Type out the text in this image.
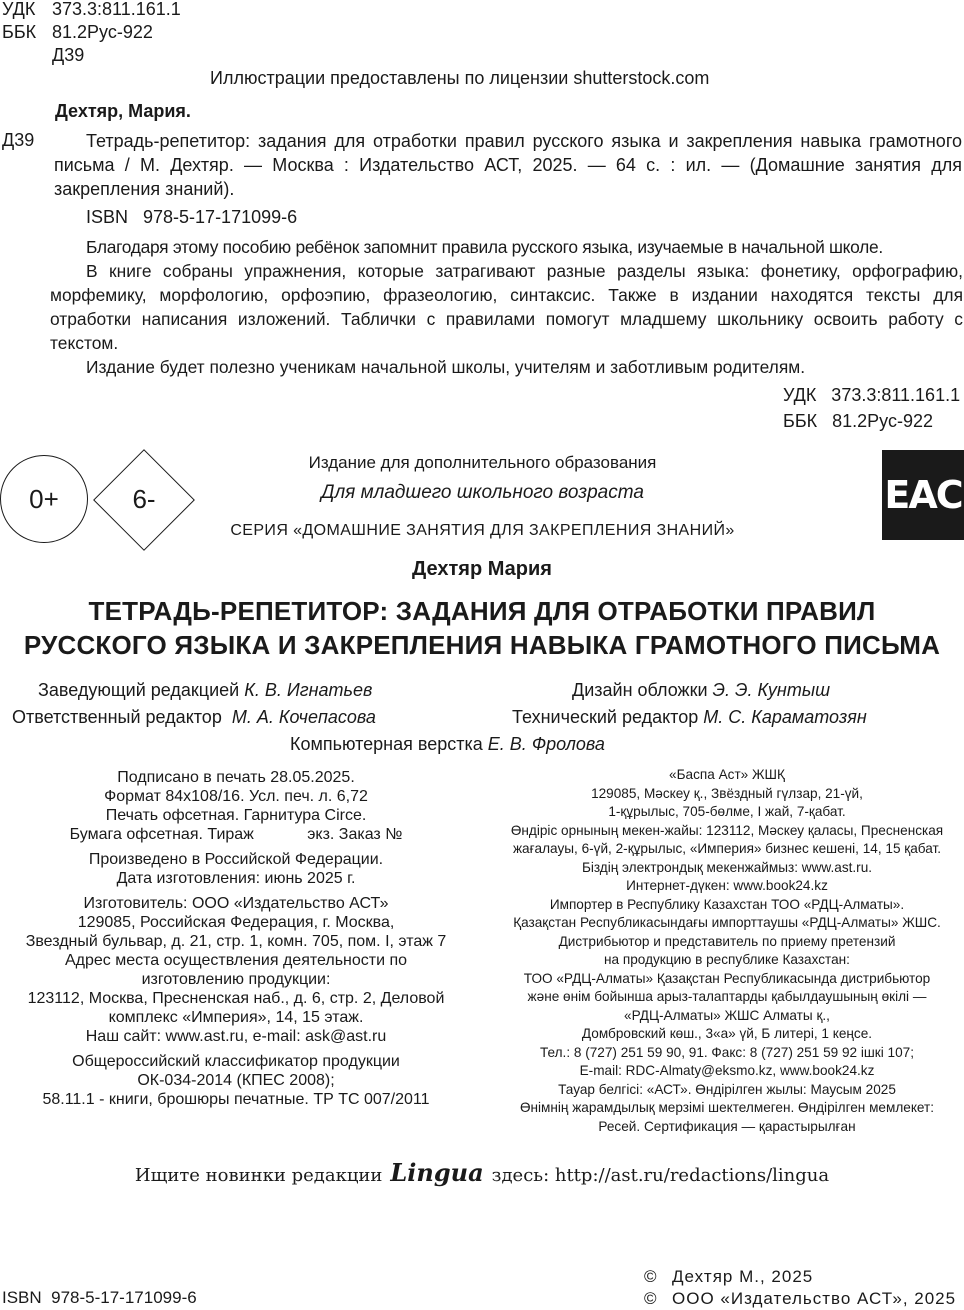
УДК 373.3:811.161.1
ББК 81.2Рус-922
Д39
Иллюстрации предоставлены по лицензии shutterstock.com
Дехтяр, Мария.
Д39	Тетрадь-репетитор: задания для отработки правил русского языка и закрепления навыка грамотного письма / М. Дехтяр. — Москва : Издательство АСТ, 2025. — 64 с. : ил. — (Домашние занятия для закрепления знаний).
ISBN   978-5-17-171099-6
Благодаря этому пособию ребёнок запомнит правила русского языка, изучаемые в начальной школе.
В книге собраны упражнения, которые затрагивают разные разделы языка: фонетику, орфографию, морфемику, морфологию, орфоэпию, фразеологию, синтаксис. Также в издании находятся тексты для отработки написания изложений. Таблички с правилами помогут младшему школьнику освоить работу с текстом.
Издание будет полезно ученикам начальной школы, учителям и заботливым родителям.
УДК   373.3:811.161.1
ББК   81.2Рус-922
0+	6-
Издание для дополнительного образования
Для младшего школьного возраста
СЕРИЯ «ДОМАШНИЕ ЗАНЯТИЯ ДЛЯ ЗАКРЕПЛЕНИЯ ЗНАНИЙ»
EAC
Дехтяр Мария
ТЕТРАДЬ-РЕПЕТИТОР: ЗАДАНИЯ ДЛЯ ОТРАБОТКИ ПРАВИЛ
РУССКОГО ЯЗЫКА И ЗАКРЕПЛЕНИЯ НАВЫКА ГРАМОТНОГО ПИСЬМА
Заведующий редакцией К. В. Игнатьев	Дизайн обложки Э. Э. Кунтыш
Ответственный редактор М. А. Кочепасова	Технический редактор М. С. Караматозян
Компьютерная верстка Е. В. Фролова
Подписано в печать 28.05.2025.
Формат 84х108/16. Усл. печ. л. 6,72
Печать офсетная. Гарнитура Circe.
Бумага офсетная. Тираж            экз. Заказ №
Произведено в Российской Федерации.
Дата изготовления: июнь 2025 г.
Изготовитель: ООО «Издательство АСТ»
129085, Российская Федерация, г. Москва,
Звездный бульвар, д. 21, стр. 1, комн. 705, пом. I, этаж 7
Адрес места осуществления деятельности по
изготовлению продукции:
123112, Москва, Пресненская наб., д. 6, стр. 2, Деловой
комплекс «Империя», 14, 15 этаж.
Наш сайт: www.ast.ru, e-mail: ask@ast.ru
Общероссийский классификатор продукции
ОК-034-2014 (КПЕС 2008);
58.11.1 - книги, брошюры печатные. ТР ТС 007/2011
«Баспа Аст» ЖШҚ
129085, Мәскеу қ., Звёздный гүлзар, 21-үй,
1-құрылыс, 705-бөлме, I жай, 7-қабат.
Өндіріс орнының мекен-жайы: 123112, Мәскеу қаласы, Пресненская
жағалауы, 6-үй, 2-құрылыс, «Империя» бизнес кешені, 14, 15 қабат.
Біздің электрондық мекенжаймыз: www.ast.ru.
Интернет-дүкен: www.book24.kz
Импортер в Республику Казахстан ТОО «РДЦ-Алматы».
Қазақстан Республикасындағы импорттаушы «РДЦ-Алматы» ЖШС.
Дистрибьютор и представитель по приему претензий
на продукцию в республике Казахстан:
ТОО «РДЦ-Алматы» Қазақстан Республикасында дистрибьютор
және өнім бойынша арыз-талаптарды қабылдаушының өкілі —
«РДЦ-Алматы» ЖШС Алматы қ.,
Домбровский көш., 3«а» үй, Б литері, 1 кеңсе.
Тел.: 8 (727) 251 59 90, 91. Факс: 8 (727) 251 59 92 ішкі 107;
E-mail: RDC-Almaty@eksmo.kz, www.book24.kz
Тауар белгісі: «АСТ». Өндірілген жылы: Маусым 2025
Өнімнің жарамдылық мерзімі шектелмеген. Өндірілген мемлекет:
Ресей. Сертификация — қарастырылған
Ищите новинки редакции Lingua здесь: http://ast.ru/redactions/lingua
ISBN  978-5-17-171099-6
© Дехтяр М., 2025
© ООО «Издательство АСТ», 2025
